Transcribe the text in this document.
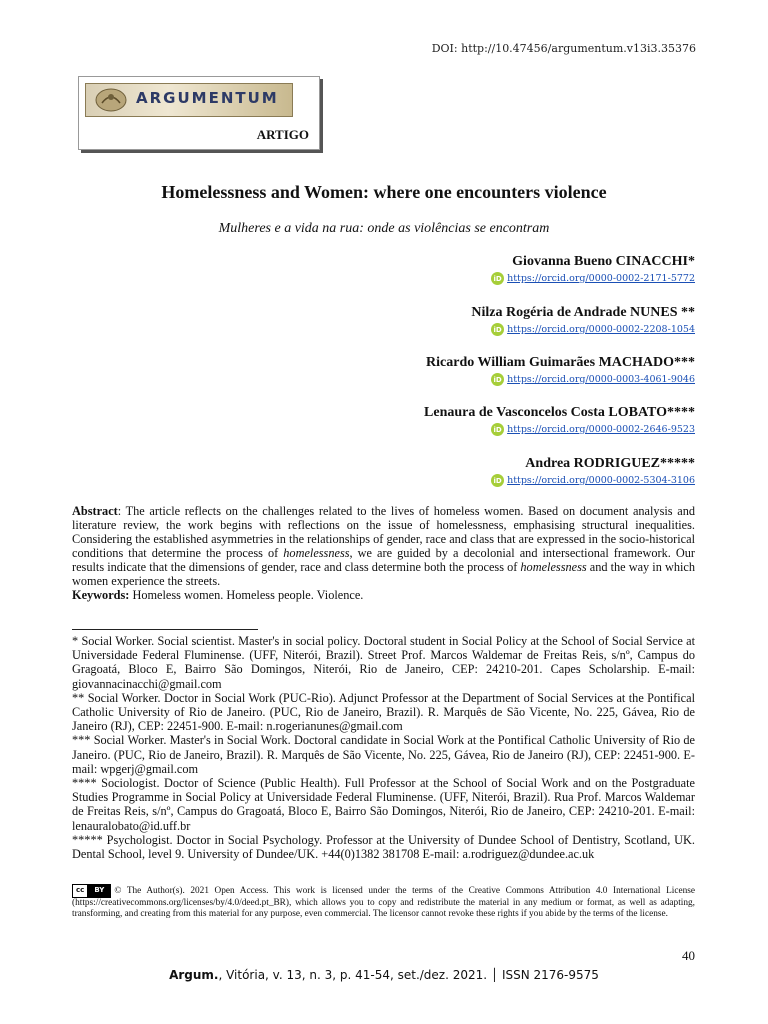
DOI: http://10.47456/argumentum.v13i3.35376
ARGUMENTUM
ARTIGO
Homelessness and Women: where one encounters violence
Mulheres e a vida na rua: onde as violências se encontram
Giovanna Bueno CINACCHI*
iD https://orcid.org/0000-0002-2171-5772
Nilza Rogéria de Andrade NUNES **
iD https://orcid.org/0000-0002-2208-1054
Ricardo William Guimarães MACHADO***
iD https://orcid.org/0000-0003-4061-9046
Lenaura de Vasconcelos Costa LOBATO****
iD https://orcid.org/0000-0002-2646-9523
Andrea RODRIGUEZ*****
iD https://orcid.org/0000-0002-5304-3106
Abstract: The article reflects on the challenges related to the lives of homeless women. Based on document analysis and literature review, the work begins with reflections on the issue of homelessness, emphasising structural inequalities. Considering the established asymmetries in the relationships of gender, race and class that are expressed in the socio-historical conditions that determine the process of homelessness, we are guided by a decolonial and intersectional framework. Our results indicate that the dimensions of gender, race and class determine both the process of homelessness and the way in which women experience the streets.
Keywords: Homeless women. Homeless people. Violence.

* Social Worker. Social scientist. Master's in social policy. Doctoral student in Social Policy at the School of Social Service at Universidade Federal Fluminense. (UFF, Niterói, Brazil). Street Prof. Marcos Waldemar de Freitas Reis, s/nº, Campus do Gragoatá, Bloco E, Bairro São Domingos, Niterói, Rio de Janeiro, CEP: 24210-201. Capes Scholarship. E-mail: giovannacinacchi@gmail.com

** Social Worker. Doctor in Social Work (PUC-Rio). Adjunct Professor at the Department of Social Services at the Pontifical Catholic University of Rio de Janeiro. (PUC, Rio de Janeiro, Brazil). R. Marquês de São Vicente, No. 225, Gávea, Rio de Janeiro (RJ), CEP: 22451-900. E-mail: n.rogerianunes@gmail.com

*** Social Worker. Master's in Social Work. Doctoral candidate in Social Work at the Pontifical Catholic University of Rio de Janeiro. (PUC, Rio de Janeiro, Brazil). R. Marquês de São Vicente, No. 225, Gávea, Rio de Janeiro (RJ), CEP: 22451-900. E-mail: wpgerj@gmail.com

**** Sociologist. Doctor of Science (Public Health). Full Professor at the School of Social Work and on the Postgraduate Studies Programme in Social Policy at Universidade Federal Fluminense. (UFF, Niterói, Brazil). Rua Prof. Marcos Waldemar de Freitas Reis, s/nº, Campus do Gragoatá, Bloco E, Bairro São Domingos, Niterói, Rio de Janeiro, CEP: 24210-201. E-mail: lenauralobato@id.uff.br

***** Psychologist. Doctor in Social Psychology. Professor at the University of Dundee School of Dentistry, Scotland, UK. Dental School, level 9. University of Dundee/UK. +44(0)1382 381708 E-mail: a.rodriguez@dundee.ac.uk

cc	BY	© The Author(s). 2021 Open Access. This work is licensed under the terms of the Creative Commons Attribution 4.0 International License (https://creativecommons.org/licenses/by/4.0/deed.pt_BR), which allows you to copy and redistribute the material in any medium or format, as well as adapting, transforming, and creating from this material for any purpose, even commercial. The licensor cannot revoke these rights if you abide by the terms of the license.
40
Argum., Vitória, v. 13, n. 3, p. 41-54, set./dez. 2021. │ ISSN 2176-9575
